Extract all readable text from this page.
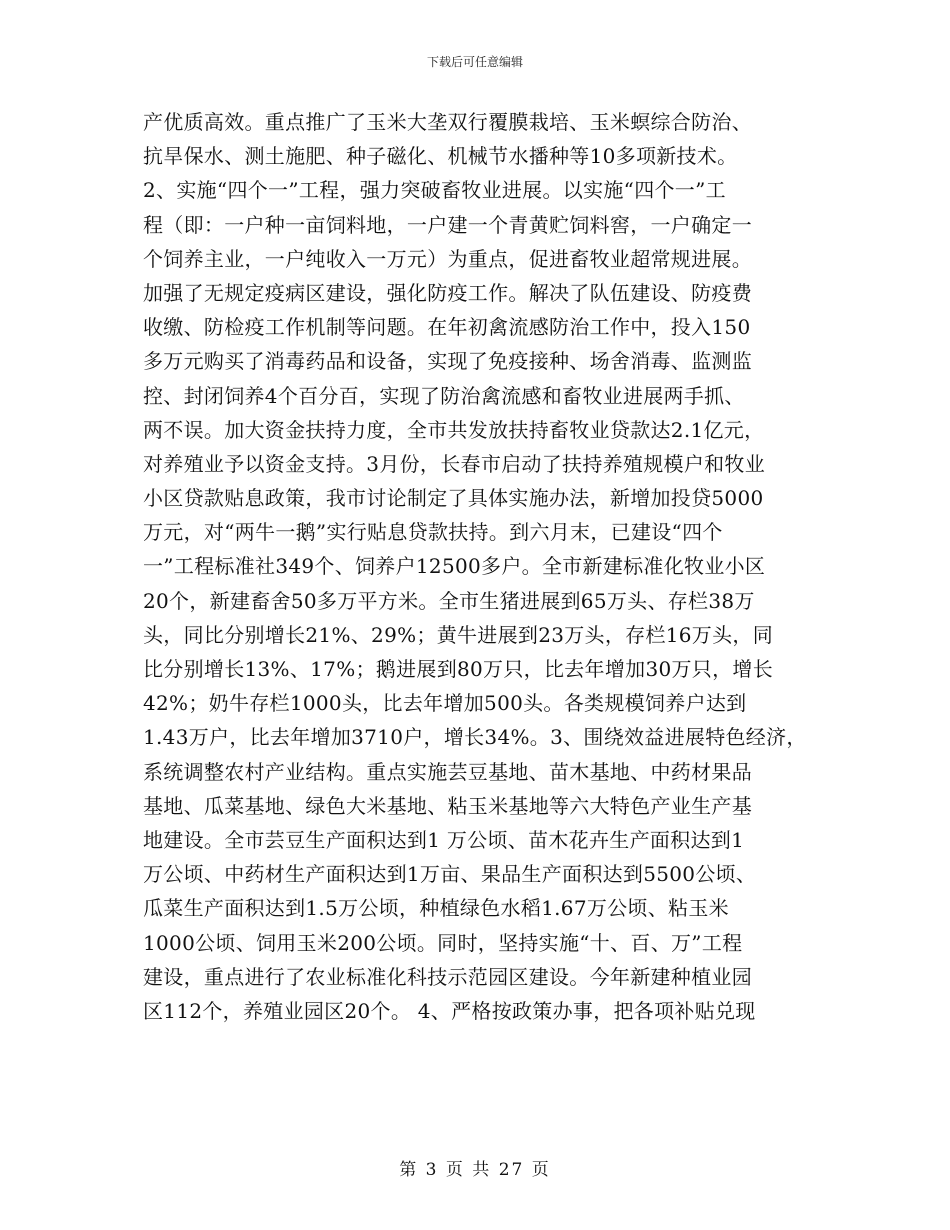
下载后可任意编辑
产优质高效。重点推广了玉米大垄双行覆膜栽培、玉米螟综合防治、
抗旱保水、测土施肥、种子磁化、机械节水播种等10多项新技术。
2、实施“四个一”工程，强力突破畜牧业进展。以实施“四个一”工
程（即：一户种一亩饲料地，一户建一个青黄贮饲料窖，一户确定一
个饲养主业，一户纯收入一万元）为重点，促进畜牧业超常规进展。
加强了无规定疫病区建设，强化防疫工作。解决了队伍建设、防疫费
收缴、防检疫工作机制等问题。在年初禽流感防治工作中，投入150
多万元购买了消毒药品和设备，实现了免疫接种、场舍消毒、监测监
控、封闭饲养4个百分百，实现了防治禽流感和畜牧业进展两手抓、
两不误。加大资金扶持力度，全市共发放扶持畜牧业贷款达2.1亿元，
对养殖业予以资金支持。3月份，长春市启动了扶持养殖规模户和牧业
小区贷款贴息政策，我市讨论制定了具体实施办法，新增加投贷5000
万元，对“两牛一鹅”实行贴息贷款扶持。到六月末，已建设“四个
一”工程标准社349个、饲养户12500多户。全市新建标准化牧业小区
20个，新建畜舍50多万平方米。全市生猪进展到65万头、存栏38万
头，同比分别增长21%、29%；黄牛进展到23万头，存栏16万头，同
比分别增长13%、17%；鹅进展到80万只，比去年增加30万只，增长
42%；奶牛存栏1000头，比去年增加500头。各类规模饲养户达到
1.43万户，比去年增加3710户，增长34%。3、围绕效益进展特色经济，
系统调整农村产业结构。重点实施芸豆基地、苗木基地、中药材果品
基地、瓜菜基地、绿色大米基地、粘玉米基地等六大特色产业生产基
地建设。全市芸豆生产面积达到1 万公顷、苗木花卉生产面积达到1
万公顷、中药材生产面积达到1万亩、果品生产面积达到5500公顷、
瓜菜生产面积达到1.5万公顷，种植绿色水稻1.67万公顷、粘玉米
1000公顷、饲用玉米200公顷。同时，坚持实施“十、百、万”工程
建设，重点进行了农业标准化科技示范园区建设。今年新建种植业园
区112个，养殖业园区20个。 4、严格按政策办事，把各项补贴兑现
第 3 页 共 27 页
